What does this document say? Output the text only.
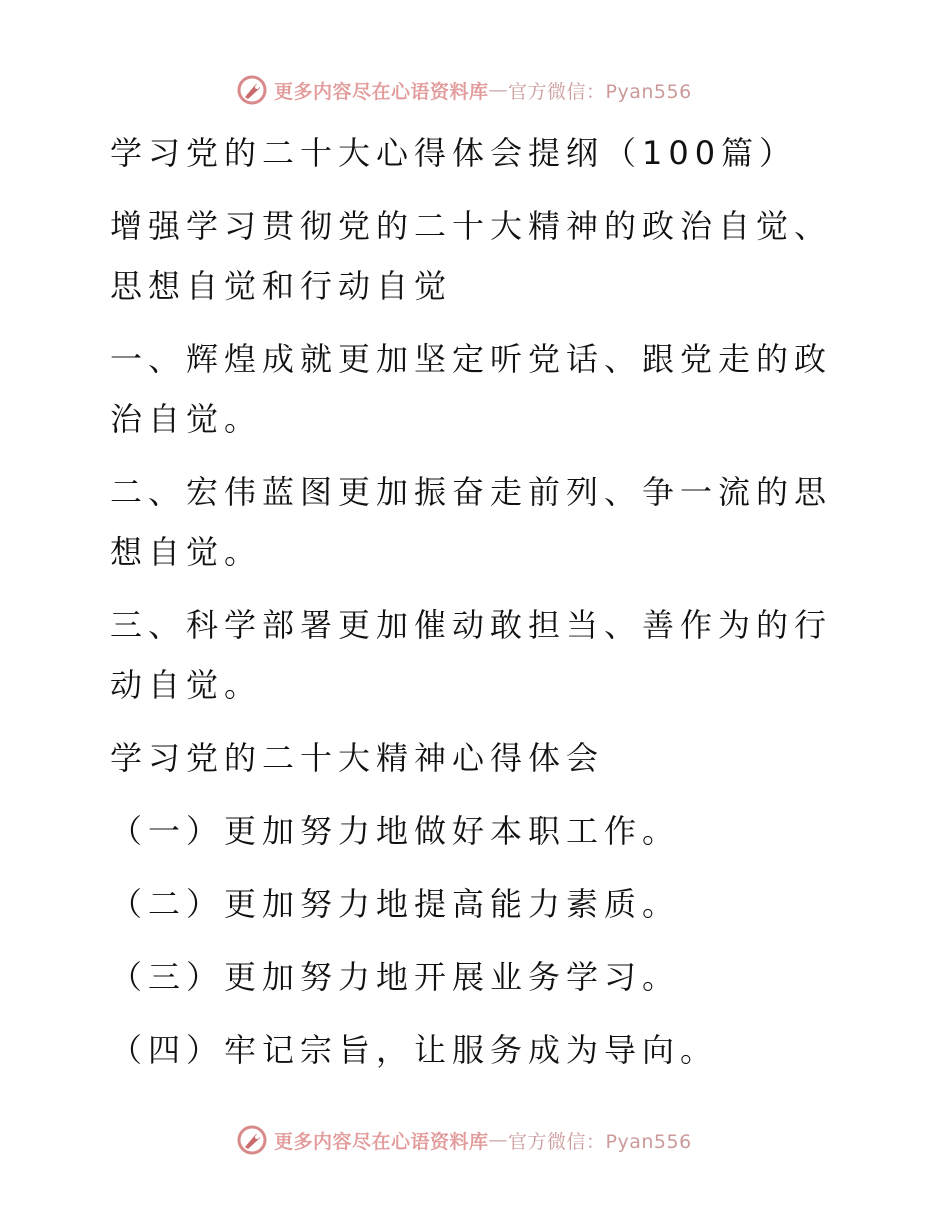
更多内容尽在心语资料库 — 官方微信：Pyan556

学习党的二十大心得体会提纲（100篇）

增强学习贯彻党的二十大精神的政治自觉、思想自觉和行动自觉

一、辉煌成就更加坚定听党话、跟党走的政治自觉。

二、宏伟蓝图更加振奋走前列、争一流的思想自觉。

三、科学部署更加催动敢担当、善作为的行动自觉。

学习党的二十大精神心得体会

（一）更加努力地做好本职工作。

（二）更加努力地提高能力素质。

（三）更加努力地开展业务学习。

（四）牢记宗旨，让服务成为导向。

更多内容尽在心语资料库 — 官方微信：Pyan556
